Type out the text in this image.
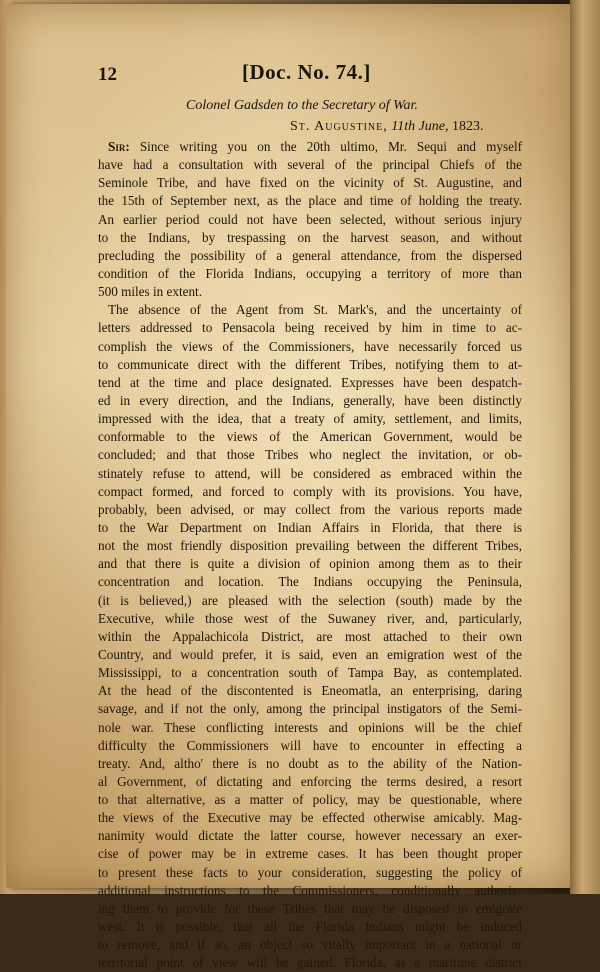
12	[Doc. No. 74.]
Colonel Gadsden to the Secretary of War.
St. Augustine, 11th June, 1823.
Sir: Since writing you on the 20th ultimo, Mr. Sequi and myself
have had a consultation with several of the principal Chiefs of the
Seminole Tribe, and have fixed on the vicinity of St. Augustine, and
the 15th of September next, as the place and time of holding the treaty.
An earlier period could not have been selected, without serious injury
to the Indians, by trespassing on the harvest season, and without
precluding the possibility of a general attendance, from the dispersed
condition of the Florida Indians, occupying a territory of more than
500 miles in extent.
The absence of the Agent from St. Mark's, and the uncertainty of
letters addressed to Pensacola being received by him in time to ac-
complish the views of the Commissioners, have necessarily forced us
to communicate direct with the different Tribes, notifying them to at-
tend at the time and place designated. Expresses have been despatch-
ed in every direction, and the Indians, generally, have been distinctly
impressed with the idea, that a treaty of amity, settlement, and limits,
conformable to the views of the American Government, would be
concluded; and that those Tribes who neglect the invitation, or ob-
stinately refuse to attend, will be considered as embraced within the
compact formed, and forced to comply with its provisions. You have,
probably, been advised, or may collect from the various reports made
to the War Department on Indian Affairs in Florida, that there is
not the most friendly disposition prevailing between the different Tribes,
and that there is quite a division of opinion among them as to their
concentration and location. The Indians occupying the Peninsula,
(it is believed,) are pleased with the selection (south) made by the
Executive, while those west of the Suwaney river, and, particularly,
within the Appalachicola District, are most attached to their own
Country, and would prefer, it is said, even an emigration west of the
Mississippi, to a concentration south of Tampa Bay, as contemplated.
At the head of the discontented is Eneomatla, an enterprising, daring
savage, and if not the only, among the principal instigators of the Semi-
nole war. These conflicting interests and opinions will be the chief
difficulty the Commissioners will have to encounter in effecting a
treaty. And, altho' there is no doubt as to the ability of the Nation-
al Government, of dictating and enforcing the terms desired, a resort
to that alternative, as a matter of policy, may be questionable, where
the views of the Executive may be effected otherwise amicably. Mag-
nanimity would dictate the latter course, however necessary an exer-
cise of power may be in extreme cases. It has been thought proper
to present these facts to your consideration, suggesting the policy of
additional instructions to the Commissioners, conditionally authoriz-
ing them to provide for these Tribes that may be disposed to emigrate
west. It is possible, that all the Florida Indians might be induced
to remove, and if so, an object so vitally important in a national or
territorial point of view will be gained. Florida, as a maritime district
